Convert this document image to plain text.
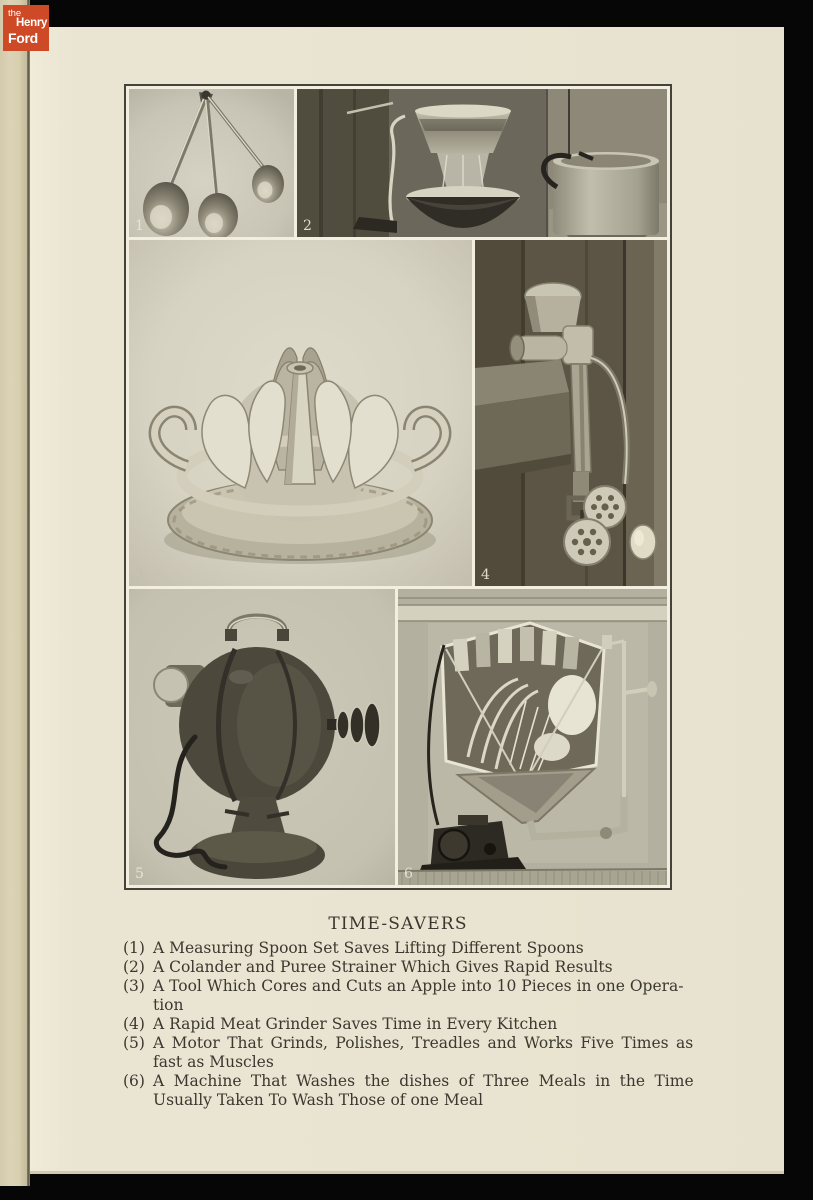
1	2
3	4
5	6
TIME-SAVERS
(1) A Measuring Spoon Set Saves Lifting Different Spoons
(2) A Colander and Puree Strainer Which Gives Rapid Results
(3) A Tool Which Cores and Cuts an Apple into 10 Pieces in one Opera-
tion
(4) A Rapid Meat Grinder Saves Time in Every Kitchen
(5) A Motor That Grinds, Polishes, Treadles and Works Five Times as
fast as Muscles
(6) A Machine That Washes the dishes of Three Meals in the Time
Usually Taken To Wash Those of one Meal
the
Henry
Ford
